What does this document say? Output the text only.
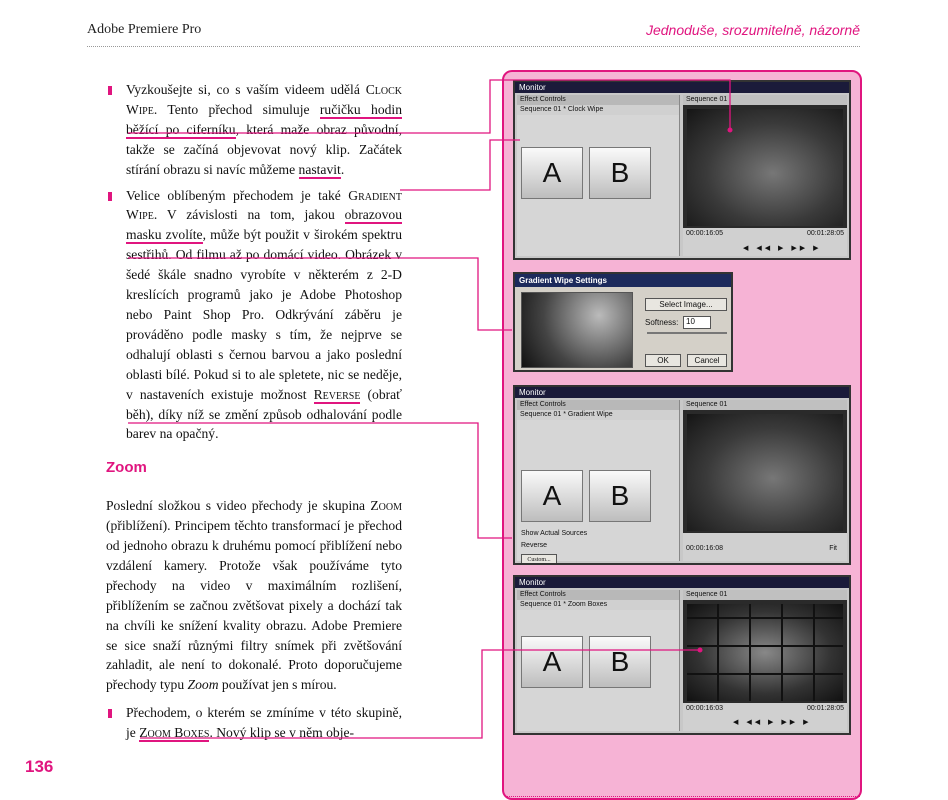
Adobe Premiere Pro	Jednoduše, srozumitelně, názorně
Vyzkoušejte si, co s vaším videem udělá Clock Wipe. Tento přechod simuluje ručičku hodin běžící po ciferníku, která maže obraz původní, takže se začíná objevovat nový klip. Začátek stírání obrazu si navíc můžeme nastavit.
Velice oblíbeným přechodem je také Gradient Wipe. V závislosti na tom, jakou obrazovou masku zvolíte, může být použit v širokém spektru sestřihů. Od filmu až po domácí video. Obrázek v šedé škále snadno vyrobíte v některém z 2-D kreslících programů jako je Adobe Photoshop nebo Paint Shop Pro. Odkrývání záběru je prováděno podle masky s tím, že nejprve se odhalují oblasti s černou barvou a jako poslední oblasti bílé. Pokud si to ale spletete, nic se neděje, v nastaveních existuje možnost Reverse (obrať běh), díky níž se změní způsob odhalování podle barev na opačný.
Zoom

Poslední složkou s video přechody je skupina Zoom (přiblížení). Principem těchto transformací je přechod od jednoho obrazu k druhému pomocí přiblížení nebo vzdálení kamery. Protože však používáme tyto přechody na video v maximálním rozlišení, přiblížením se začnou zvětšovat pixely a dochází tak na chvíli ke snížení kvality obrazu. Adobe Premiere se sice snaží různými filtry snímek při zvětšování zahladit, ale není to dokonalé. Proto doporučujeme přechody typu Zoom používat jen s mírou.

Přechodem, o kterém se zmíníme v této skupině, je Zoom Boxes. Nový klip se v něm obje-
136
Monitor
Effect Controls
Sequence 01 * Clock Wipe
A	B
Sequence 01
00:00:16:05	00:01:28:05
◀ ◀◀ ▶ ▶▶ ▶
Gradient Wipe Settings
Select Image...
Softness: 10
OK	Cancel
Monitor
Effect Controls
Sequence 01 * Gradient Wipe
A	B
Show Actual Sources
Reverse
Custom...
Sequence 01
00:00:16:08	Fit
Monitor
Effect Controls
Sequence 01 * Zoom Boxes
A	B
Sequence 01
00:00:16:03	00:01:28:05
◀ ◀◀ ▶ ▶▶ ▶
